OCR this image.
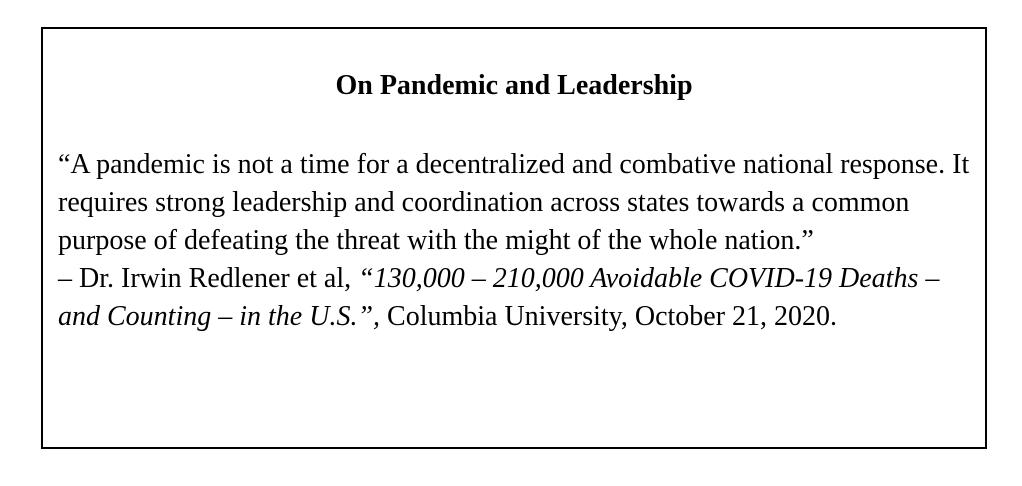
On Pandemic and Leadership

“A pandemic is not a time for a decentralized and combative national response. It requires strong leadership and coordination across states towards a common purpose of defeating the threat with the might of the whole nation.”

– Dr. Irwin Redlener et al, “130,000 – 210,000 Avoidable COVID-19 Deaths – and Counting – in the U.S.”, Columbia University, October 21, 2020.
